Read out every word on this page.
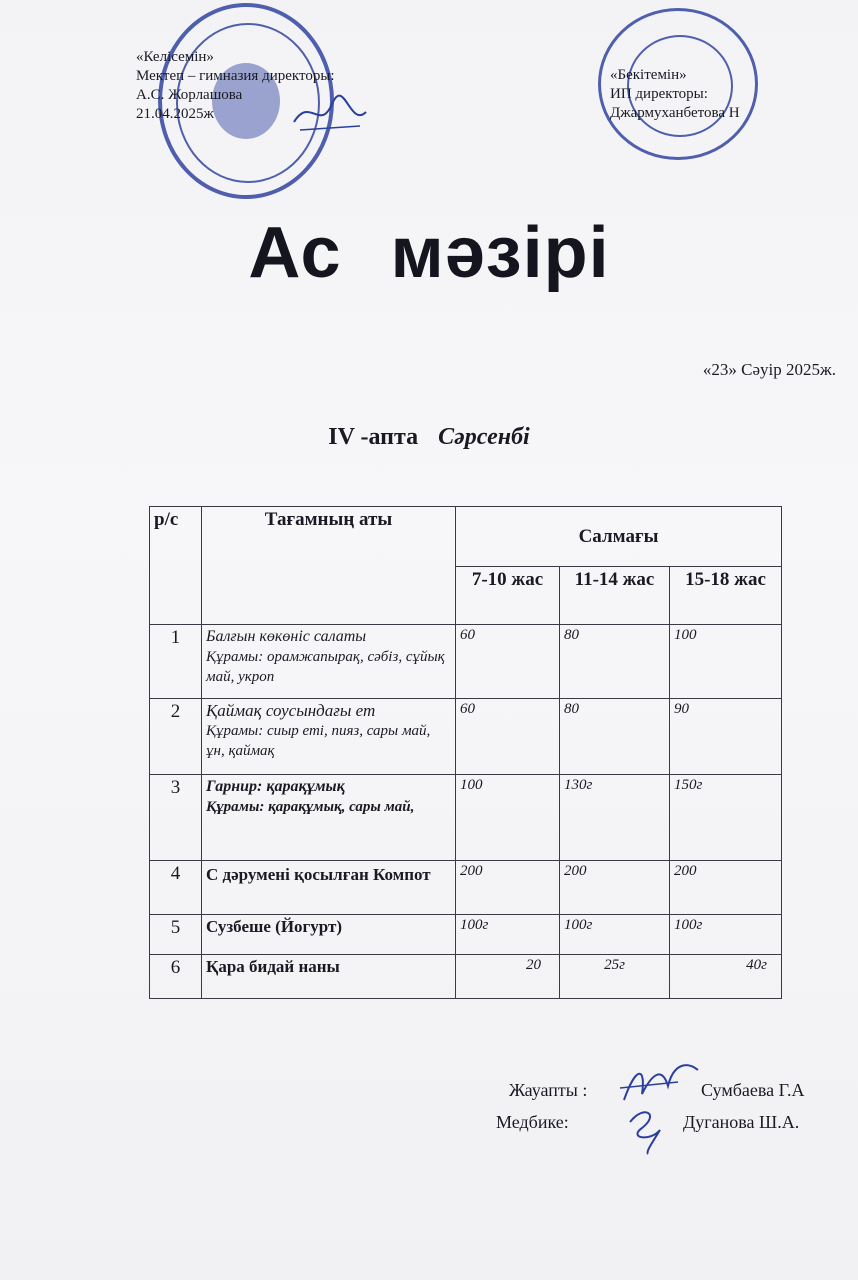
«Келісемін»
Мектеп – гимназия директоры:
А.С. Жорлашова
21.04.2025ж
«Бекітемін»
ИП директоры:
Джармуханбетова Н
Ас мәзірі
«23» Сәуір 2025ж.
IV -апта Сәрсенбі
р/с	Тағамның аты	Салмағы		
		7-10 жас	11-14 жас	15-18 жас
1	Балғын көкөніс салаты
Құрамы: орамжапырақ, сәбіз, сұйық май, укроп	60	80	100
2	Қаймақ соусындағы ет
Құрамы: сиыр еті, пияз, сары май, ұн, қаймақ	60	80	90
3	Гарнир: қарақұмық
Құрамы: қарақұмық, сары май,	100	130г	150г
4	С дәрумені қосылған Компот	200	200	200
5	Сузбеше (Йогурт)	100г	100г	100г
6	Қара бидай наны	20	25г	40г
Жауапты :	Сумбаева Г.А
Медбике:	Дуганова Ш.А.
